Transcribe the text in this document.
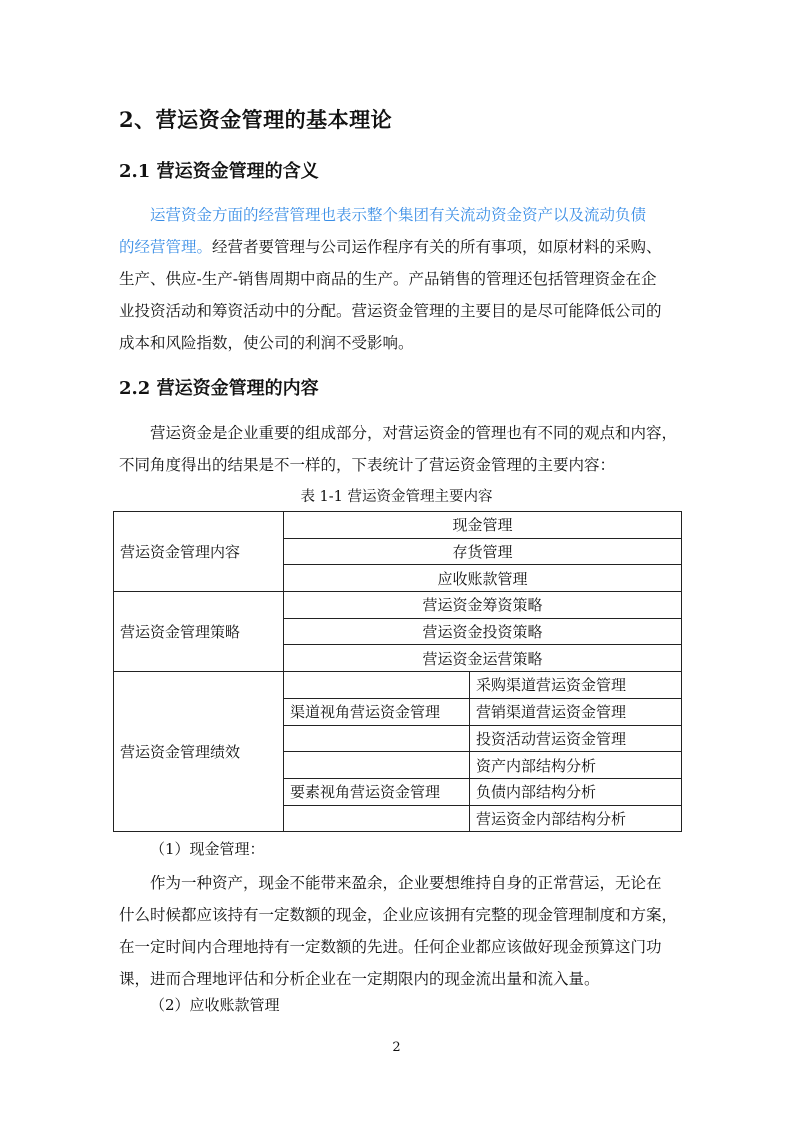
2、营运资金管理的基本理论
2.1 营运资金管理的含义
运营资金方面的经营管理也表示整个集团有关流动资金资产以及流动负债
的经营管理。经营者要管理与公司运作程序有关的所有事项，如原材料的采购、
生产、供应-生产-销售周期中商品的生产。产品销售的管理还包括管理资金在企
业投资活动和筹资活动中的分配。营运资金管理的主要目的是尽可能降低公司的
成本和风险指数，使公司的利润不受影响。
2.2 营运资金管理的内容
营运资金是企业重要的组成部分，对营运资金的管理也有不同的观点和内容，
不同角度得出的结果是不一样的，下表统计了营运资金管理的主要内容：
表 1-1 营运资金管理主要内容
营运资金管理内容	现金管理	
	存货管理	
	应收账款管理	
营运资金管理策略	营运资金筹资策略	
	营运资金投资策略	
	营运资金运营策略	
营运资金管理绩效		采购渠道营运资金管理
	渠道视角营运资金管理	营销渠道营运资金管理
		投资活动营运资金管理
		资产内部结构分析
	要素视角营运资金管理	负债内部结构分析
		营运资金内部结构分析
（1）现金管理：
作为一种资产，现金不能带来盈余，企业要想维持自身的正常营运，无论在
什么时候都应该持有一定数额的现金，企业应该拥有完整的现金管理制度和方案，
在一定时间内合理地持有一定数额的先进。任何企业都应该做好现金预算这门功
课，进而合理地评估和分析企业在一定期限内的现金流出量和流入量。
（2）应收账款管理
2
